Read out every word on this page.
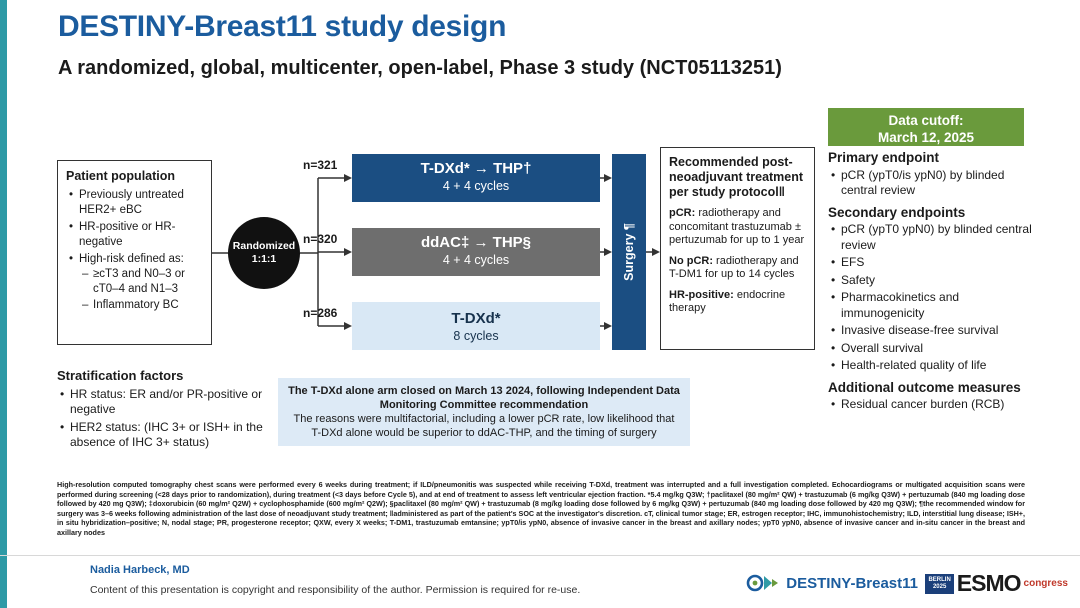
DESTINY-Breast11 study design
A randomized, global, multicenter, open-label, Phase 3 study (NCT05113251)
Data cutoff:
March 12, 2025
Patient population
• Previously untreated HER2+ eBC
• HR-positive or HR-negative
• High-risk defined as:
– ≥cT3 and N0–3 or cT0–4 and N1–3
– Inflammatory BC
Randomized
1:1:1
n=321
n=320
n=286
T-DXd* → THP†
4 + 4 cycles
ddAC‡ → THP§
4 + 4 cycles
T-DXd*
8 cycles
Surgery ¶
Recommended post-neoadjuvant treatment per study protocol‖

pCR: radiotherapy and concomitant trastuzumab ± pertuzumab for up to 1 year

No pCR: radiotherapy and T-DM1 for up to 14 cycles

HR-positive: endocrine therapy

Primary endpoint
• pCR (ypT0/is ypN0) by blinded central review
Secondary endpoints
• pCR (ypT0 ypN0) by blinded central review
• EFS
• Safety
• Pharmacokinetics and immunogenicity
• Invasive disease-free survival
• Overall survival
• Health-related quality of life
Additional outcome measures
• Residual cancer burden (RCB)
Stratification factors
• HR status: ER and/or PR-positive or negative
• HER2 status: (IHC 3+ or ISH+ in the absence of IHC 3+ status)
The T-DXd alone arm closed on March 13 2024, following Independent Data Monitoring Committee recommendation
The reasons were multifactorial, including a lower pCR rate, low likelihood that T-DXd alone would be superior to ddAC-THP, and the timing of surgery
High-resolution computed tomography chest scans were performed every 6 weeks during treatment; if ILD/pneumonitis was suspected while receiving T-DXd, treatment was interrupted and a full investigation completed. Echocardiograms or multigated acquisition scans were performed during screening (<28 days prior to randomization), during treatment (<3 days before Cycle 5), and at end of treatment to assess left ventricular ejection fraction. *5.4 mg/kg Q3W; †paclitaxel (80 mg/m² QW) + trastuzumab (6 mg/kg Q3W) + pertuzumab (840 mg loading dose followed by 420 mg Q3W); ‡doxorubicin (60 mg/m² Q2W) + cyclophosphamide (600 mg/m² Q2W); §paclitaxel (80 mg/m² QW) + trastuzumab (8 mg/kg loading dose followed by 6 mg/kg Q3W) + pertuzumab (840 mg loading dose followed by 420 mg Q3W); ¶the recommended window for surgery was 3–6 weeks following administration of the last dose of neoadjuvant study treatment; ‖administered as part of the patient's SOC at the investigator's discretion. cT, clinical tumor stage; ER, estrogen receptor; IHC, immunohistochemistry; ILD, interstitial lung disease; ISH+, in situ hybridization–positive; N, nodal stage; PR, progesterone receptor; QXW, every X weeks; T-DM1, trastuzumab emtansine; ypT0/is ypN0, absence of invasive cancer in the breast and axillary nodes; ypT0 ypN0, absence of invasive cancer and in-situ cancer in the breast and axillary nodes
Nadia Harbeck, MD
Content of this presentation is copyright and responsibility of the author. Permission is required for re-use.	DESTINY-Breast11 BERLIN
2025 ESMO congress
